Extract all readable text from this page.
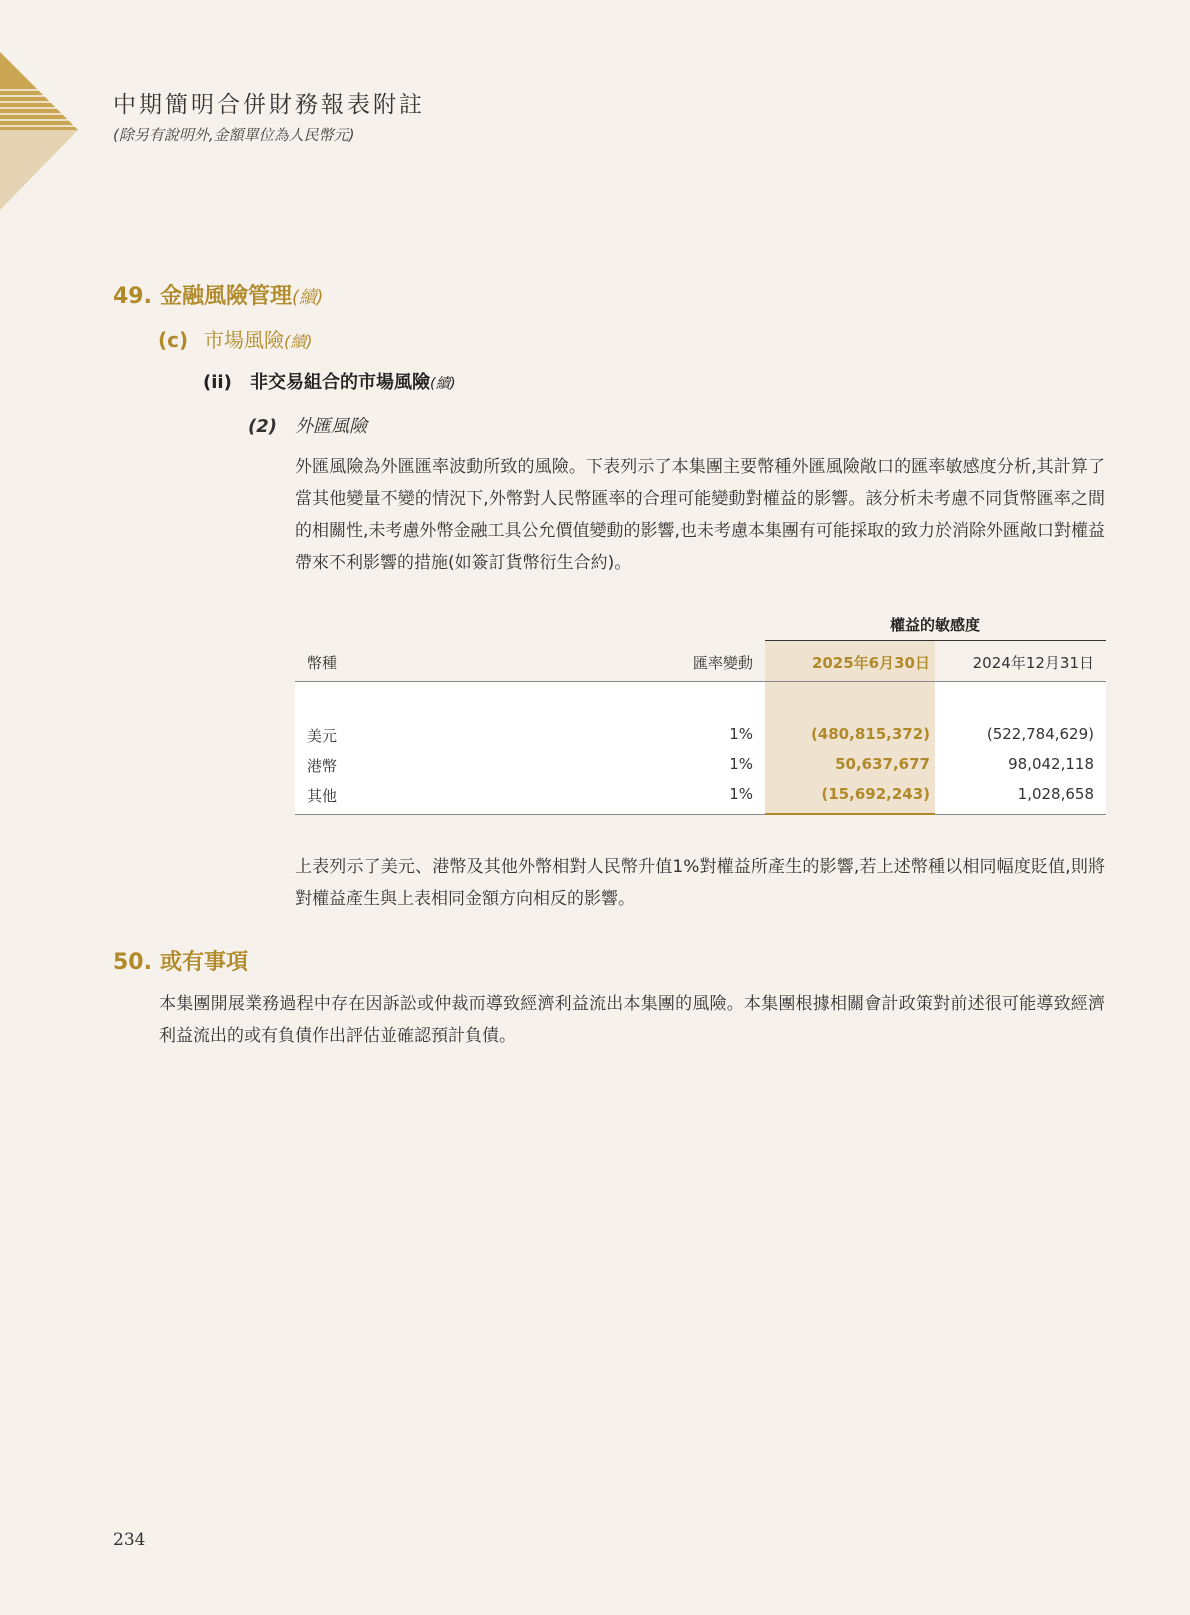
中期簡明合併財務報表附註
(除另有說明外,金額單位為人民幣元)
49. 金融風險管理(續)
(c) 市場風險(續)
(ii) 非交易組合的市場風險(續)
(2) 外匯風險

外匯風險為外匯匯率波動所致的風險。下表列示了本集團主要幣種外匯風險敞口的匯率敏感度分析,其計算了當其他變量不變的情況下,外幣對人民幣匯率的合理可能變動對權益的影響。該分析未考慮不同貨幣匯率之間的相關性,未考慮外幣金融工具公允價值變動的影響,也未考慮本集團有可能採取的致力於消除外匯敞口對權益帶來不利影響的措施(如簽訂貨幣衍生合約)。

權益的敏感度
幣種	匯率變動	2025年6月30日	2024年12月31日
美元	1%	(480,815,372)	(522,784,629)
港幣	1%	50,637,677	98,042,118
其他	1%	(15,692,243)	1,028,658

上表列示了美元、港幣及其他外幣相對人民幣升值1%對權益所產生的影響,若上述幣種以相同幅度貶值,則將對權益產生與上表相同金額方向相反的影響。

50. 或有事項

本集團開展業務過程中存在因訴訟或仲裁而導致經濟利益流出本集團的風險。本集團根據相關會計政策對前述很可能導致經濟利益流出的或有負債作出評估並確認預計負債。

234
